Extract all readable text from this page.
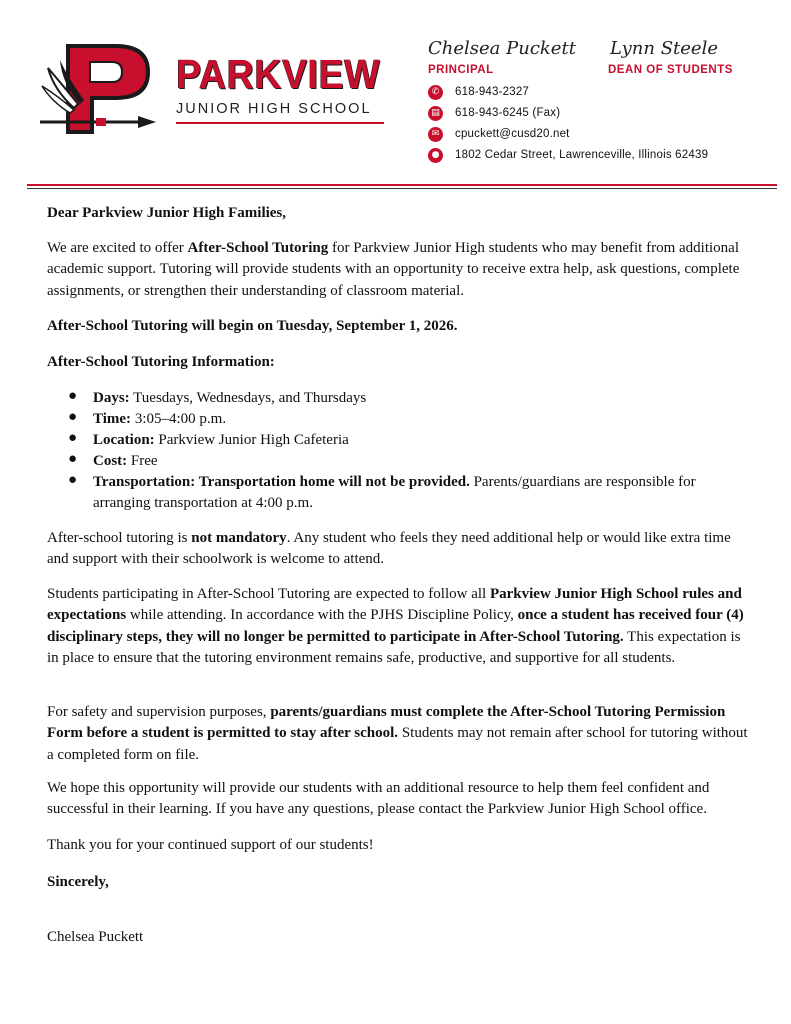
PARKVIEW
JUNIOR HIGH SCHOOL
Chelsea Puckett
PRINCIPAL
Lynn Steele
DEAN OF STUDENTS
✆	618-943-2327
▤ 618-943-6245 (Fax)
✉	cpuckett@cusd20.net
●	1802 Cedar Street, Lawrenceville, Illinois 62439
Dear Parkview Junior High Families,
We are excited to offer After-School Tutoring for Parkview Junior High students who may benefit from additional academic support. Tutoring will provide students with an opportunity to receive extra help, ask questions, complete assignments, or strengthen their understanding of classroom material.
After-School Tutoring will begin on Tuesday, September 1, 2026.
After-School Tutoring Information:
● Days: Tuesdays, Wednesdays, and Thursdays
● Time: 3:05–4:00 p.m.
● Location: Parkview Junior High Cafeteria
● Cost: Free
● Transportation: Transportation home will not be provided. Parents/guardians are responsible for arranging transportation at 4:00 p.m.
After-school tutoring is not mandatory. Any student who feels they need additional help or would like extra time and support with their schoolwork is welcome to attend.
Students participating in After-School Tutoring are expected to follow all Parkview Junior High School rules and expectations while attending. In accordance with the PJHS Discipline Policy, once a student has received four (4) disciplinary steps, they will no longer be permitted to participate in After-School Tutoring. This expectation is in place to ensure that the tutoring environment remains safe, productive, and supportive for all students.
For safety and supervision purposes, parents/guardians must complete the After-School Tutoring Permission Form before a student is permitted to stay after school. Students may not remain after school for tutoring without a completed form on file.
We hope this opportunity will provide our students with an additional resource to help them feel confident and successful in their learning. If you have any questions, please contact the Parkview Junior High School office.
Thank you for your continued support of our students!
Sincerely,
Chelsea Puckett
